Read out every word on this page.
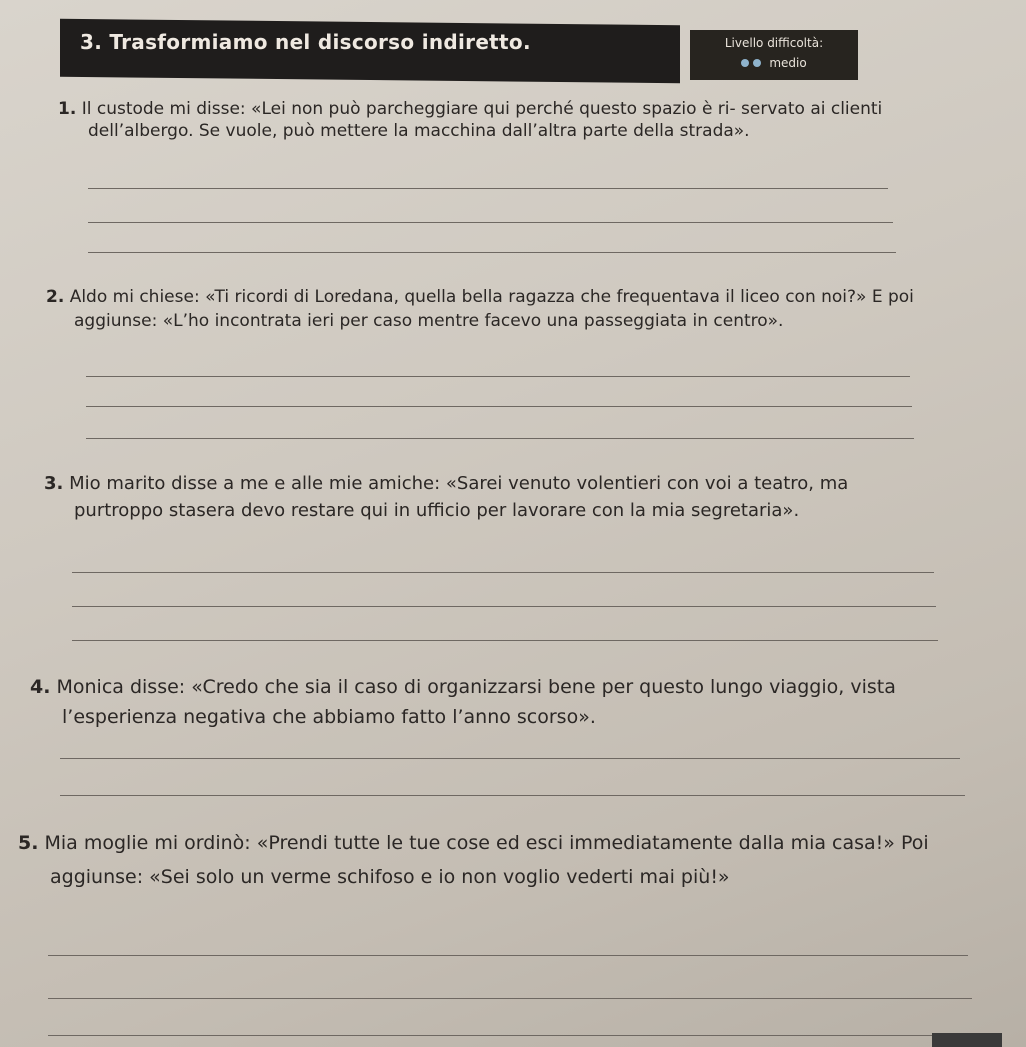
3. Trasformiamo nel discorso indiretto.	Livello difficoltà:
medio

1. Il custode mi disse: «Lei non può parcheggiare qui perché questo spazio è ri- servato ai clienti dell’albergo. Se vuole, può mettere la macchina dall’altra parte della strada».

2. Aldo mi chiese: «Ti ricordi di Loredana, quella bella ragazza che frequentava il liceo con noi?» E poi aggiunse: «L’ho incontrata ieri per caso mentre facevo una passeggiata in centro».

3. Mio marito disse a me e alle mie amiche: «Sarei venuto volentieri con voi a teatro, ma purtroppo stasera devo restare qui in ufficio per lavorare con la mia segretaria».

4. Monica disse: «Credo che sia il caso di organizzarsi bene per questo lungo viaggio, vista l’esperienza negativa che abbiamo fatto l’anno scorso».

5. Mia moglie mi ordinò: «Prendi tutte le tue cose ed esci immediatamente dalla mia casa!» Poi aggiunse: «Sei solo un verme schifoso e io non voglio vederti mai più!»
